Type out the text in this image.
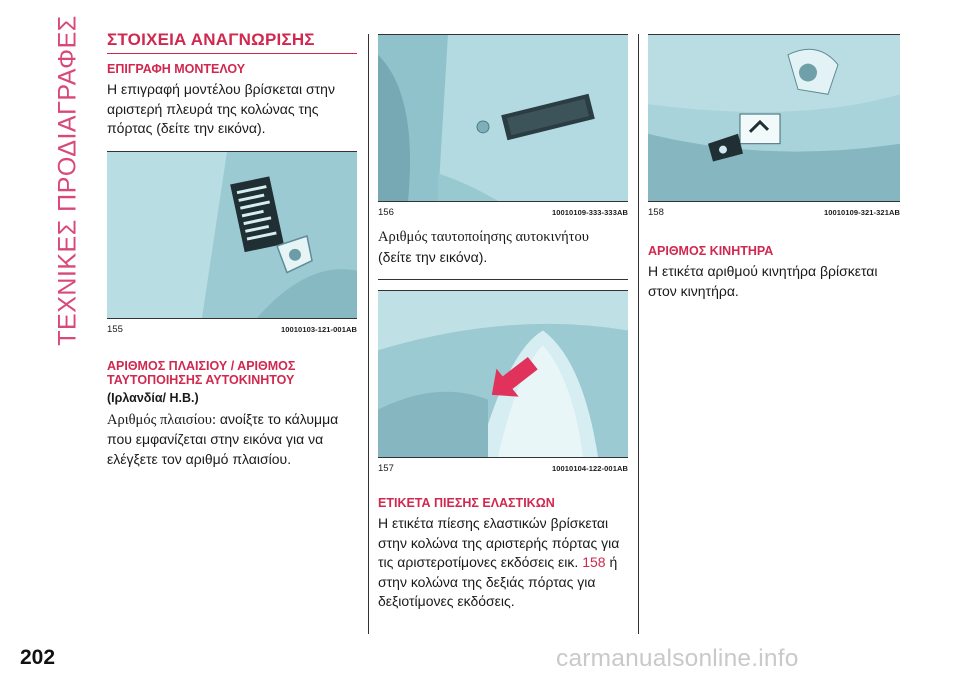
ΤΕΧΝΙΚΕΣ ΠΡΟΔΙΑΓΡΑΦΕΣ ΣΤΟΙΧΕΙΑ ΑΝΑΓΝΩΡΙΣΗΣ
ΕΠΙΓΡΑΦΗ ΜΟΝΤΕΛΟΥ

Η επιγραφή μοντέλου βρίσκεται στην αριστερή πλευρά της κολώνας της πόρτας (δείτε την εικόνα).

155	10010103-121-001AB
ΑΡΙΘΜΟΣ ΠΛΑΙΣΙΟΥ / ΑΡΙΘΜΟΣ ΤΑΥΤΟΠΟΙΗΣΗΣ ΑΥΤΟΚΙΝΗΤΟΥ
(Ιρλανδία/ Η.Β.)

Αριθμός πλαισίου: ανοίξτε το κάλυμμα που εμφανίζεται στην εικόνα για να ελέγξετε τον αριθμό πλαισίου.

156	10010109-333-333AB

Αριθμός ταυτοποίησης αυτοκινήτου
(δείτε την εικόνα).

157	10010104-122-001AB
ΕΤΙΚΕΤΑ ΠΙΕΣΗΣ ΕΛΑΣΤΙΚΩΝ

Η ετικέτα πίεσης ελαστικών βρίσκεται στην κολώνα της αριστερής πόρτας για τις αριστεροτίμονες εκδόσεις εικ. 158 ή στην κολώνα της δεξιάς πόρτας για δεξιοτίμονες εκδόσεις.

158	10010109-321-321AB
ΑΡΙΘΜΟΣ ΚΙΝΗΤΗΡΑ

Η ετικέτα αριθμού κινητήρα βρίσκεται στον κινητήρα.

202	carmanualsonline.info
